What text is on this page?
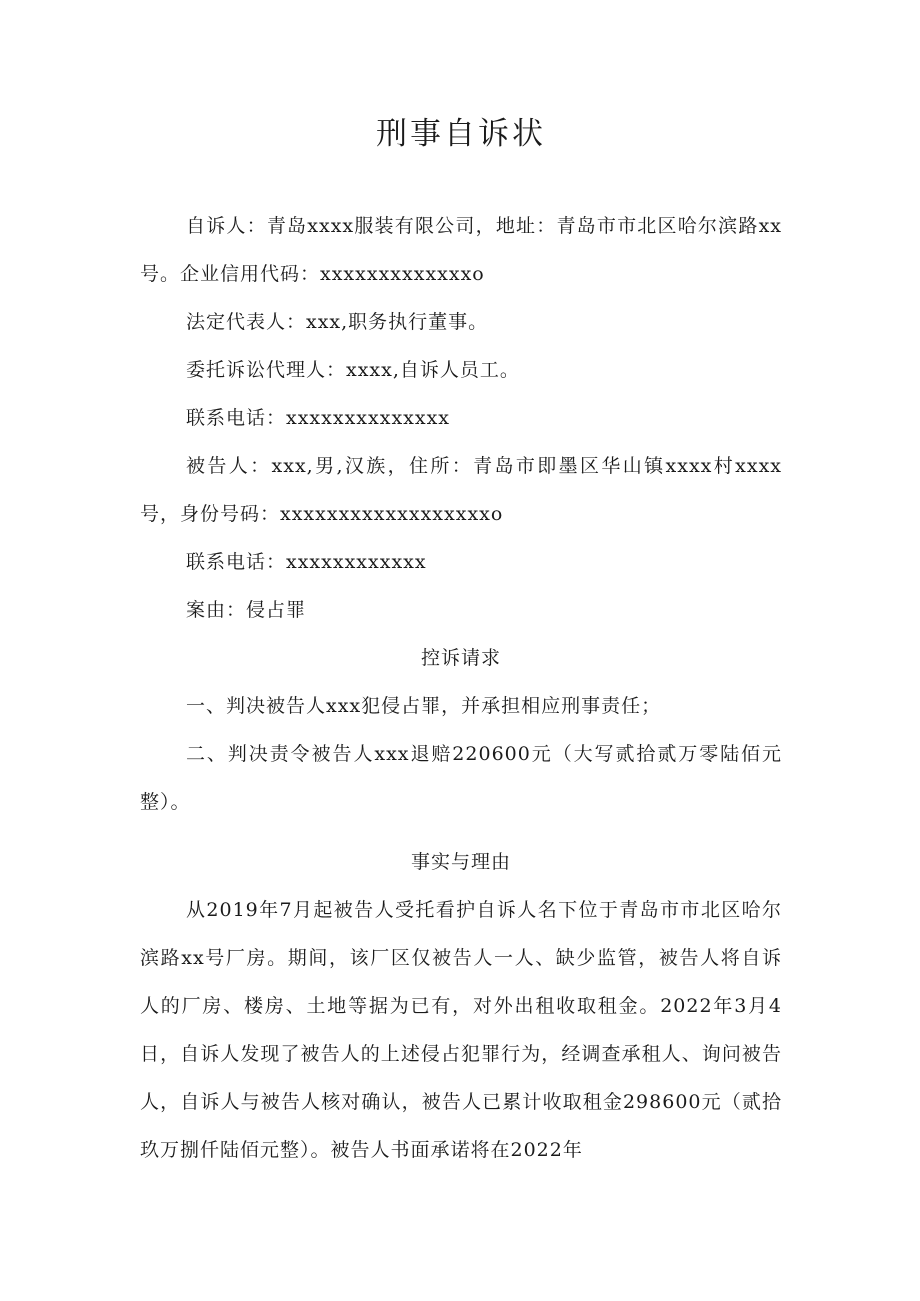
刑事自诉状

自诉人：青岛xxxx服装有限公司，地址：青岛市市北区哈尔滨路xx号。企业信用代码：xxxxxxxxxxxxxo

法定代表人：xxx,职务执行董事。

委托诉讼代理人：xxxx,自诉人员工。

联系电话：xxxxxxxxxxxxxx

被告人：xxx,男,汉族，住所：青岛市即墨区华山镇xxxx村xxxx号，身份号码：xxxxxxxxxxxxxxxxxxo

联系电话：xxxxxxxxxxxx

案由：侵占罪

控诉请求

一、判决被告人xxx犯侵占罪，并承担相应刑事责任；

二、判决责令被告人xxx退赔220600元（大写贰拾贰万零陆佰元整）。

事实与理由

从2019年7月起被告人受托看护自诉人名下位于青岛市市北区哈尔滨路xx号厂房。期间，该厂区仅被告人一人、缺少监管，被告人将自诉人的厂房、楼房、土地等据为已有，对外出租收取租金。2022年3月4日，自诉人发现了被告人的上述侵占犯罪行为，经调查承租人、询问被告人，自诉人与被告人核对确认，被告人已累计收取租金298600元（贰拾玖万捌仟陆佰元整）。被告人书面承诺将在2022年
